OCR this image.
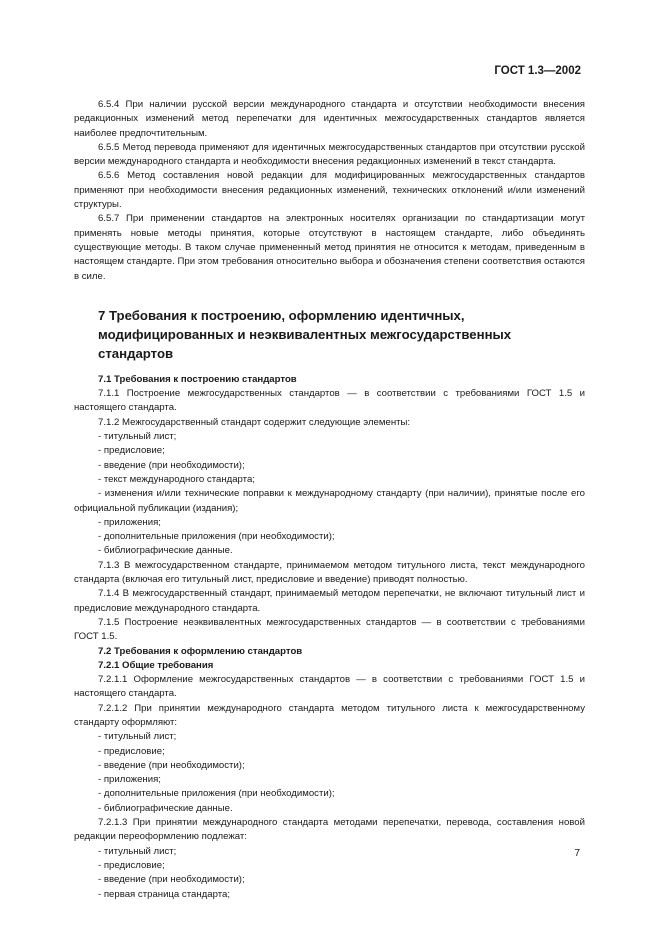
ГОСТ 1.3—2002

6.5.4 При наличии русской версии международного стандарта и отсутствии необходимости внесения редакционных изменений метод перепечатки для идентичных межгосударственных стандартов является наиболее предпочтительным.

6.5.5 Метод перевода применяют для идентичных межгосударственных стандартов при отсутствии русской версии международного стандарта и необходимости внесения редакционных изменений в текст стандарта.

6.5.6 Метод составления новой редакции для модифицированных межгосударственных стандартов применяют при необходимости внесения редакционных изменений, технических отклонений и/или изменений структуры.

6.5.7 При применении стандартов на электронных носителях организации по стандартизации могут применять новые методы принятия, которые отсутствуют в настоящем стандарте, либо объединять существующие методы. В таком случае примененный метод принятия не относится к методам, приведенным в настоящем стандарте. При этом требования относительно выбора и обозначения степени соответствия остаются в силе.

7 Требования к построению, оформлению идентичных,
модифицированных и неэквивалентных межгосударственных стандартов

7.1 Требования к построению стандартов

7.1.1 Построение межгосударственных стандартов — в соответствии с требованиями ГОСТ 1.5 и настоящего стандарта.

7.1.2 Межгосударственный стандарт содержит следующие элементы:

- титульный лист;
- предисловие;
- введение (при необходимости);
- текст международного стандарта;

- изменения и/или технические поправки к международному стандарту (при наличии), принятые после его официальной публикации (издания);

- приложения;
- дополнительные приложения (при необходимости);
- библиографические данные.

7.1.3 В межгосударственном стандарте, принимаемом методом титульного листа, текст международного стандарта (включая его титульный лист, предисловие и введение) приводят полностью.

7.1.4 В межгосударственный стандарт, принимаемый методом перепечатки, не включают титульный лист и предисловие международного стандарта.

7.1.5 Построение неэквивалентных межгосударственных стандартов — в соответствии с требованиями ГОСТ 1.5.

7.2 Требования к оформлению стандартов

7.2.1 Общие требования

7.2.1.1 Оформление межгосударственных стандартов — в соответствии с требованиями ГОСТ 1.5 и настоящего стандарта.

7.2.1.2 При принятии международного стандарта методом титульного листа к межгосударственному стандарту оформляют:

- титульный лист;
- предисловие;
- введение (при необходимости);
- приложения;
- дополнительные приложения (при необходимости);
- библиографические данные.

7.2.1.3 При принятии международного стандарта методами перепечатки, перевода, составления новой редакции переоформлению подлежат:

- титульный лист;
- предисловие;
- введение (при необходимости);
- первая страница стандарта;
7
